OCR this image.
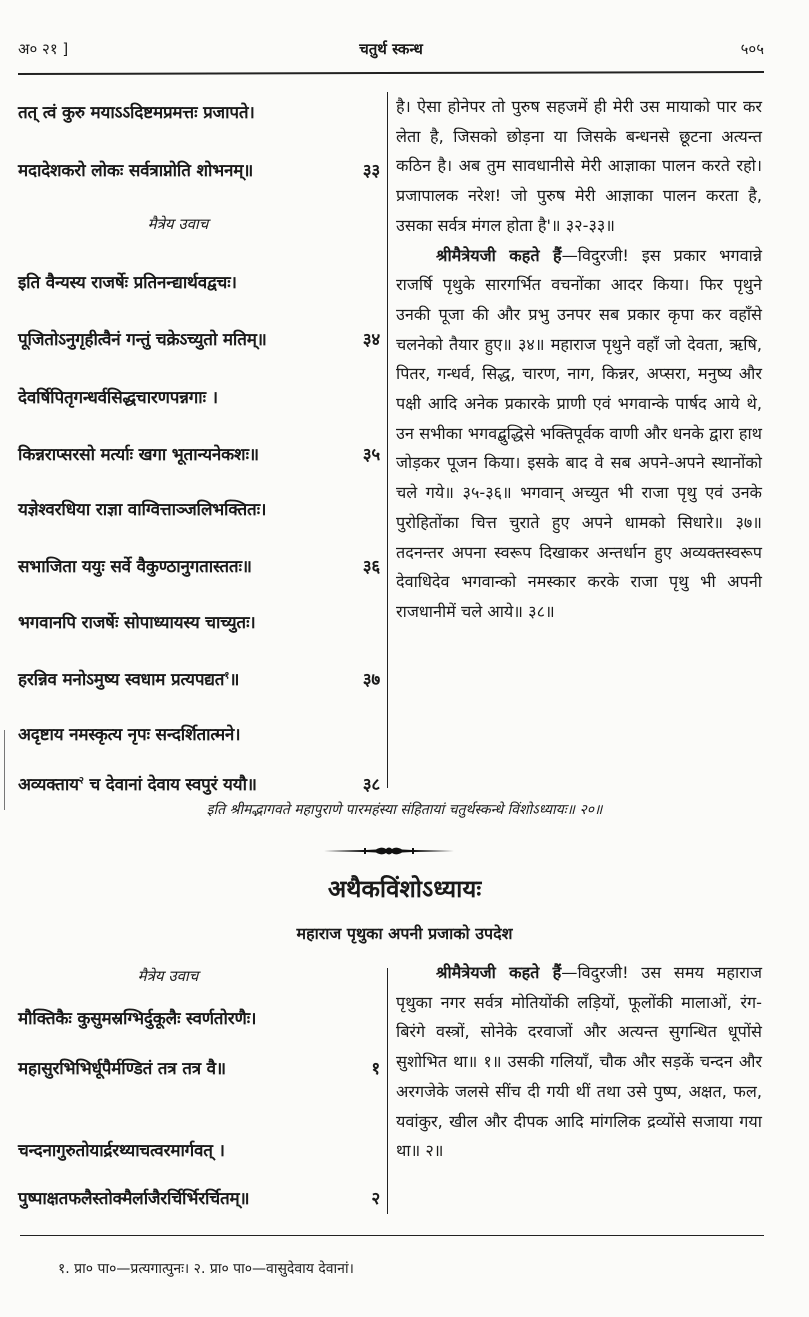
अ० २१ ]	चतुर्थ स्कन्ध	५०५
तत् त्वं कुरु मयाऽऽदिष्टमप्रमत्तः प्रजापते।
मदादेशकरो लोकः सर्वत्राप्नोति शोभनम्॥	३३
मैत्रेय उवाच
इति वैन्यस्य राजर्षेः प्रतिनन्द्यार्थवद्वचः।
पूजितोऽनुगृहीत्वैनं गन्तुं चक्रेऽच्युतो मतिम्॥	३४
देवर्षिपितृगन्धर्वसिद्धचारणपन्नगाः ।
किन्नराप्सरसो मर्त्याः खगा भूतान्यनेकशः॥	३५
यज्ञेश्वरधिया राज्ञा वाग्वित्ताञ्जलिभक्तितः।
सभाजिता ययुः सर्वे वैकुण्ठानुगतास्ततः॥	३६
भगवानपि राजर्षेः सोपाध्यायस्य चाच्युतः।
हरन्निव मनोऽमुष्य स्वधाम प्रत्यपद्यत$^१$॥	३७
अदृष्टाय नमस्कृत्य नृपः सन्दर्शितात्मने।
अव्यक्ताय$^२$ च देवानां देवाय स्वपुरं ययौ॥	३८

है। ऐसा होनेपर तो पुरुष सहजमें ही मेरी उस मायाको पार कर लेता है, जिसको छोड़ना या जिसके बन्धनसे छूटना अत्यन्त कठिन है। अब तुम सावधानीसे मेरी आज्ञाका पालन करते रहो। प्रजापालक नरेश! जो पुरुष मेरी आज्ञाका पालन करता है, उसका सर्वत्र मंगल होता है'॥ ३२-३३॥

श्रीमैत्रेयजी कहते हैं—विदुरजी! इस प्रकार भगवान्ने राजर्षि पृथुके सारगर्भित वचनोंका आदर किया। फिर पृथुने उनकी पूजा की और प्रभु उनपर सब प्रकार कृपा कर वहाँसे चलनेको तैयार हुए॥ ३४॥ महाराज पृथुने वहाँ जो देवता, ऋषि, पितर, गन्धर्व, सिद्ध, चारण, नाग, किन्नर, अप्सरा, मनुष्य और पक्षी आदि अनेक प्रकारके प्राणी एवं भगवान्के पार्षद आये थे, उन सभीका भगवद्बुद्धिसे भक्तिपूर्वक वाणी और धनके द्वारा हाथ जोड़कर पूजन किया। इसके बाद वे सब अपने-अपने स्थानोंको चले गये॥ ३५-३६॥ भगवान् अच्युत भी राजा पृथु एवं उनके पुरोहितोंका चित्त चुराते हुए अपने धामको सिधारे॥ ३७॥ तदनन्तर अपना स्वरूप दिखाकर अन्तर्धान हुए अव्यक्तस्वरूप देवाधिदेव भगवान्को नमस्कार करके राजा पृथु भी अपनी राजधानीमें चले आये॥ ३८॥

इति श्रीमद्भागवते महापुराणे पारमहंस्या संहितायां चतुर्थस्कन्धे विंशोऽध्यायः॥ २०॥
अथैकविंशोऽध्यायः
महाराज पृथुका अपनी प्रजाको उपदेश
मैत्रेय उवाच
मौक्तिकैः कुसुमस्रग्भिर्दुकूलैः स्वर्णतोरणैः।
महासुरभिभिर्धूपैर्मण्डितं तत्र तत्र वै॥	१
चन्दनागुरुतोयार्द्ररथ्याचत्वरमार्गवत् ।
पुष्पाक्षतफलैस्तोक्मैर्लाजैरर्चिर्भिरर्चितम्॥	२

श्रीमैत्रेयजी कहते हैं—विदुरजी! उस समय महाराज पृथुका नगर सर्वत्र मोतियोंकी लड़ियों, फूलोंकी मालाओं, रंग-बिरंगे वस्त्रों, सोनेके दरवाजों और अत्यन्त सुगन्धित धूपोंसे सुशोभित था॥ १॥ उसकी गलियाँ, चौक और सड़कें चन्दन और अरगजेके जलसे सींच दी गयी थीं तथा उसे पुष्प, अक्षत, फल, यवांकुर, खील और दीपक आदि मांगलिक द्रव्योंसे सजाया गया था॥ २॥

१. प्रा० पा०—प्रत्यगात्पुनः। २. प्रा० पा०—वासुदेवाय देवानां।
